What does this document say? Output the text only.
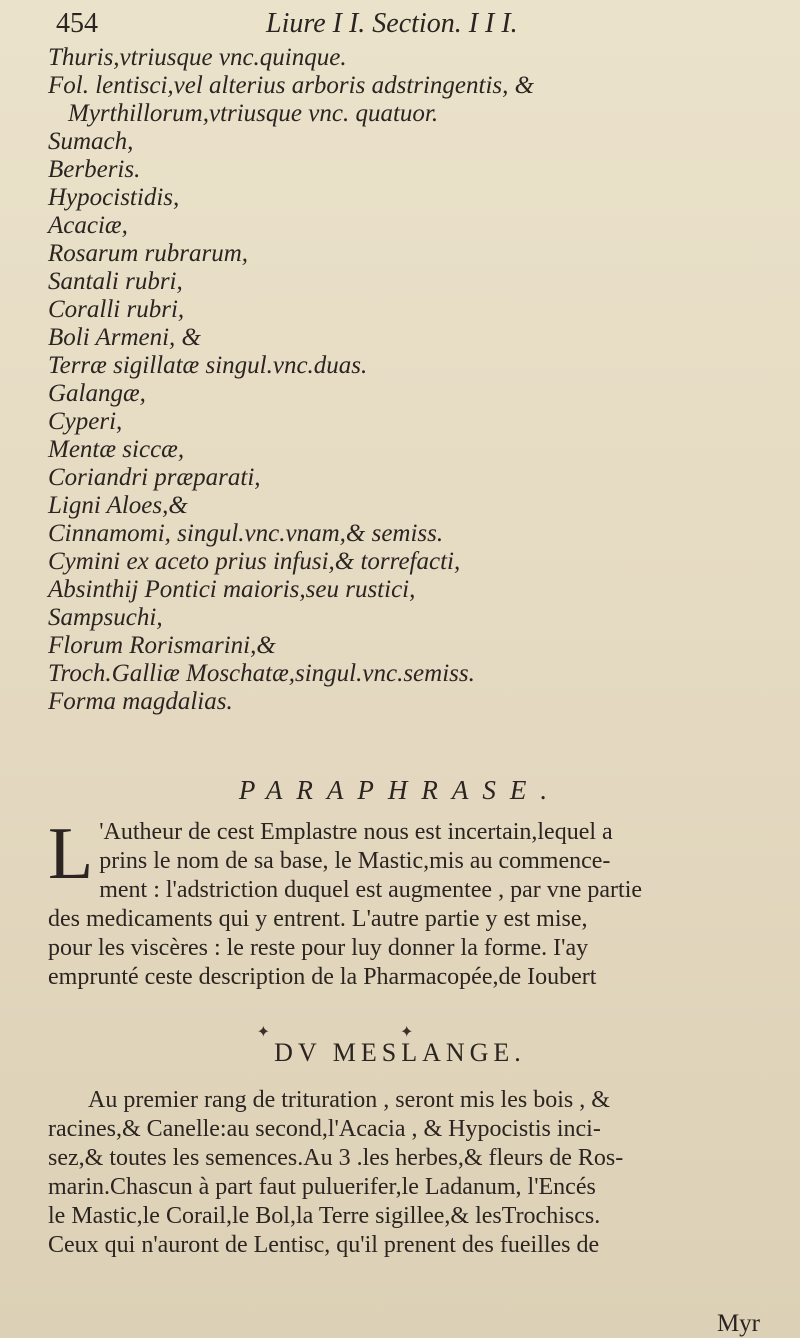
454	Liure I I. Section. I I I.
Thuris,vtriusque vnc.quinque.
Fol. lentisci,vel alterius arboris adstringentis, &
Myrthillorum,vtriusque vnc. quatuor.
Sumach,
Berberis.
Hypocistidis,
Acaciæ,
Rosarum rubrarum,
Santali rubri,
Coralli rubri,
Boli Armeni, &
Terræ sigillatæ singul.vnc.duas.
Galangæ,
Cyperi,
Mentæ siccæ,
Coriandri præparati,
Ligni Aloes,&
Cinnamomi, singul.vnc.vnam,& semiss.
Cymini ex aceto prius infusi,& torrefacti,
Absinthij Pontici maioris,seu rustici,
Sampsuchi,
Florum Rorismarini,&
Troch.Galliæ Moschatæ,singul.vnc.semiss.
Forma magdalias.
PARAPHRASE.
L 'Autheur de cest Emplastre nous est incertain,lequel a
prins le nom de sa base, le Mastic,mis au commence-
ment : l'adstriction duquel est augmentee , par vne partie
des medicaments qui y entrent. L'autre partie y est mise,
pour les viscères : le reste pour luy donner la forme. I'ay
emprunté ceste description de la Pharmacopée,de Ioubert
✦✦
DV MESLANGE.
Au premier rang de trituration , seront mis les bois , &
racines,& Canelle:au second,l'Acacia , & Hypocistis inci-
sez,& toutes les semences.Au 3 .les herbes,& fleurs de Ros-
marin.Chascun à part faut puluerifer,le Ladanum, l'Encés
le Mastic,le Corail,le Bol,la Terre sigillee,& lesTrochiscs.
Ceux qui n'auront de Lentisc, qu'il prenent des fueilles de
Myr
